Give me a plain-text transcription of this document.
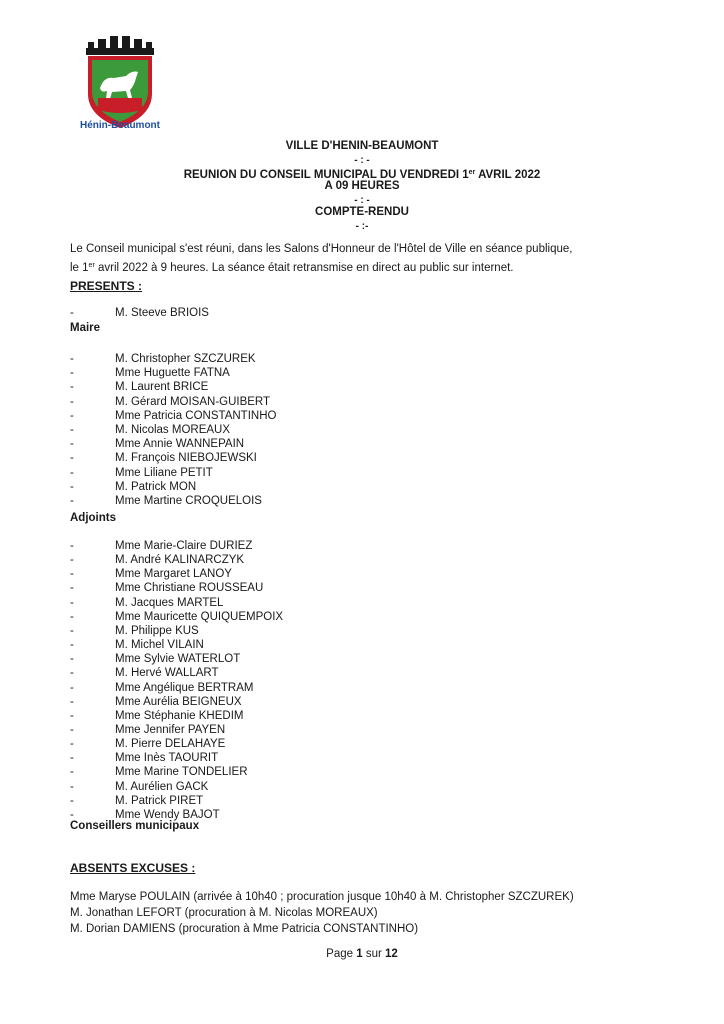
Hénin-Beaumont
VILLE D'HENIN-BEAUMONT
- : -
REUNION DU CONSEIL MUNICIPAL DU VENDREDI 1er AVRIL 2022
A 09 HEURES
- : -
COMPTE-RENDU
- :-
Le Conseil municipal s'est réuni, dans les Salons d'Honneur de l'Hôtel de Ville en séance publique,
le 1er avril 2022 à 9 heures. La séance était retransmise en direct au public sur internet.
PRESENTS :
-	M. Steeve BRIOIS
Maire
-	M. Christopher SZCZUREK
-	Mme Huguette FATNA
-	M. Laurent BRICE
-	M. Gérard MOISAN-GUIBERT
-	Mme Patricia CONSTANTINHO
-	M. Nicolas MOREAUX
-	Mme Annie WANNEPAIN
-	M. François NIEBOJEWSKI
-	Mme Liliane PETIT
-	M. Patrick MON
-	Mme Martine CROQUELOIS
Adjoints
-	Mme Marie-Claire DURIEZ
-	M. André KALINARCZYK
-	Mme Margaret LANOY
-	Mme Christiane ROUSSEAU
-	M. Jacques MARTEL
-	Mme Mauricette QUIQUEMPOIX
-	M. Philippe KUS
-	M. Michel VILAIN
-	Mme Sylvie WATERLOT
-	M. Hervé WALLART
-	Mme Angélique BERTRAM
-	Mme Aurélia BEIGNEUX
-	Mme Stéphanie KHEDIM
-	Mme Jennifer PAYEN
-	M. Pierre DELAHAYE
-	Mme Inès TAOURIT
-	Mme Marine TONDELIER
-	M. Aurélien GACK
-	M. Patrick PIRET
-	Mme Wendy BAJOT
Conseillers municipaux
ABSENTS EXCUSES :
Mme Maryse POULAIN (arrivée à 10h40 ; procuration jusque 10h40 à M. Christopher SZCZUREK)
M. Jonathan LEFORT (procuration à M. Nicolas MOREAUX)
M. Dorian DAMIENS (procuration à Mme Patricia CONSTANTINHO)
Page 1 sur 12
